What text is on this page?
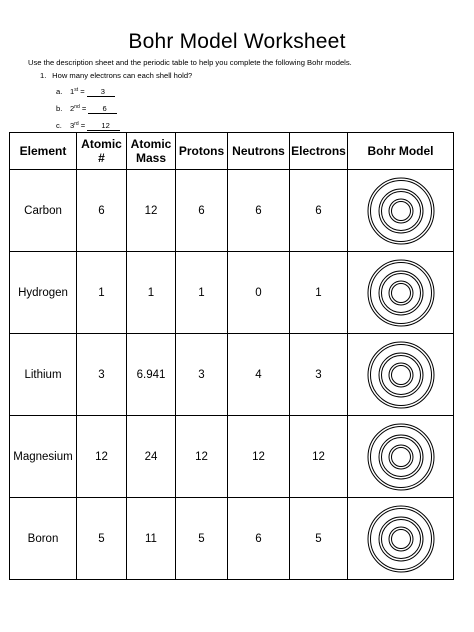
Bohr Model Worksheet
Use the description sheet and the periodic table to help you complete the following Bohr models.
1. How many electrons can each shell hold?
a. 1st = 3
b. 2nd = 6
c. 3rd = 12
Element	Atomic #	Atomic Mass	Protons	Neutrons	Electrons	Bohr Model
Carbon	6	12	6	6	6	

Hydrogen	1	1	1	0	1	

Lithium	3	6.941	3	4	3	

Magnesium	12	24	12	12	12	

Boron	5	11	5	6	5	
